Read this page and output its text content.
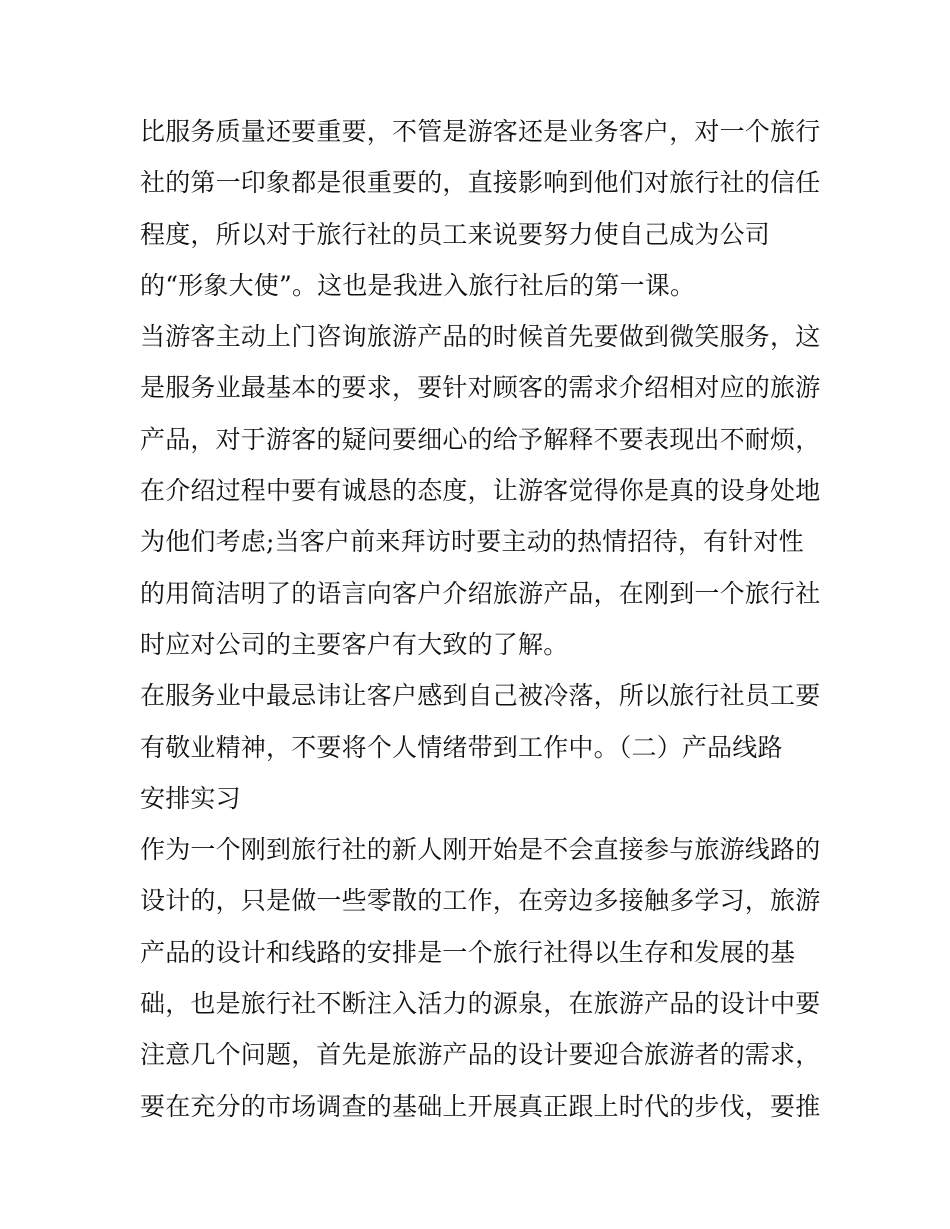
比服务质量还要重要，不管是游客还是业务客户，对一个旅行
社的第一印象都是很重要的，直接影响到他们对旅行社的信任
程度，所以对于旅行社的员工来说要努力使自己成为公司
的“形象大使”。这也是我进入旅行社后的第一课。
当游客主动上门咨询旅游产品的时候首先要做到微笑服务，这
是服务业最基本的要求，要针对顾客的需求介绍相对应的旅游
产品，对于游客的疑问要细心的给予解释不要表现出不耐烦，
在介绍过程中要有诚恳的态度，让游客觉得你是真的设身处地
为他们考虑;当客户前来拜访时要主动的热情招待，有针对性
的用简洁明了的语言向客户介绍旅游产品，在刚到一个旅行社
时应对公司的主要客户有大致的了解。
在服务业中最忌讳让客户感到自己被冷落，所以旅行社员工要
有敬业精神，不要将个人情绪带到工作中。（二）产品线路
安排实习
作为一个刚到旅行社的新人刚开始是不会直接参与旅游线路的
设计的，只是做一些零散的工作，在旁边多接触多学习，旅游
产品的设计和线路的安排是一个旅行社得以生存和发展的基
础，也是旅行社不断注入活力的源泉，在旅游产品的设计中要
注意几个问题，首先是旅游产品的设计要迎合旅游者的需求，
要在充分的市场调查的基础上开展真正跟上时代的步伐，要推
